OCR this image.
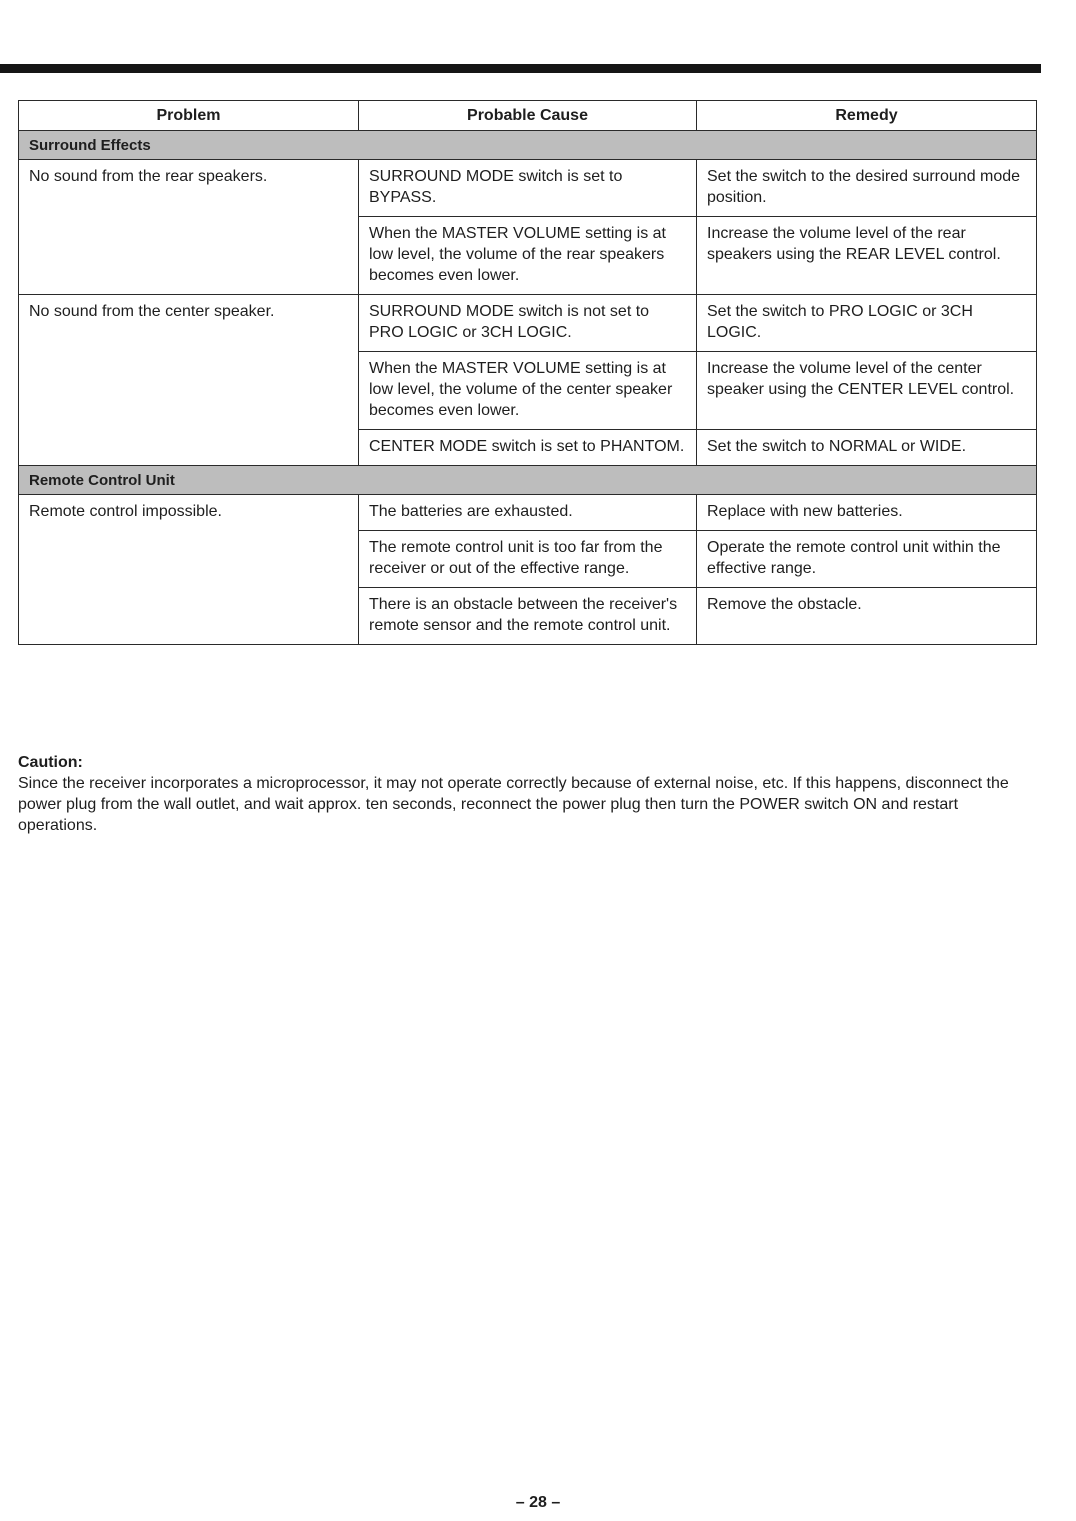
Problem	Probable Cause	Remedy
Surround Effects		
No sound from the rear speakers.	SURROUND MODE switch is set to BYPASS.	Set the switch to the desired surround mode position.
	When the MASTER VOLUME setting is at low level, the volume of the rear speakers becomes even lower.	Increase the volume level of the rear speakers using the REAR LEVEL control.
No sound from the center speaker.	SURROUND MODE switch is not set to PRO LOGIC or 3CH LOGIC.	Set the switch to PRO LOGIC or 3CH LOGIC.
	When the MASTER VOLUME setting is at low level, the volume of the center speaker becomes even lower.	Increase the volume level of the center speaker using the CENTER LEVEL control.
	CENTER MODE switch is set to PHANTOM.	Set the switch to NORMAL or WIDE.
Remote Control Unit		
Remote control impossible.	The batteries are exhausted.	Replace with new batteries.
	The remote control unit is too far from the receiver or out of the effective range.	Operate the remote control unit within the effective range.
	There is an obstacle between the receiver's remote sensor and the remote control unit.	Remove the obstacle.
Caution:
Since the receiver incorporates a microprocessor, it may not operate correctly because of external noise, etc. If this happens, disconnect the power plug from the wall outlet, and wait approx. ten seconds, reconnect the power plug then turn the POWER switch ON and restart operations.
– 28 –
